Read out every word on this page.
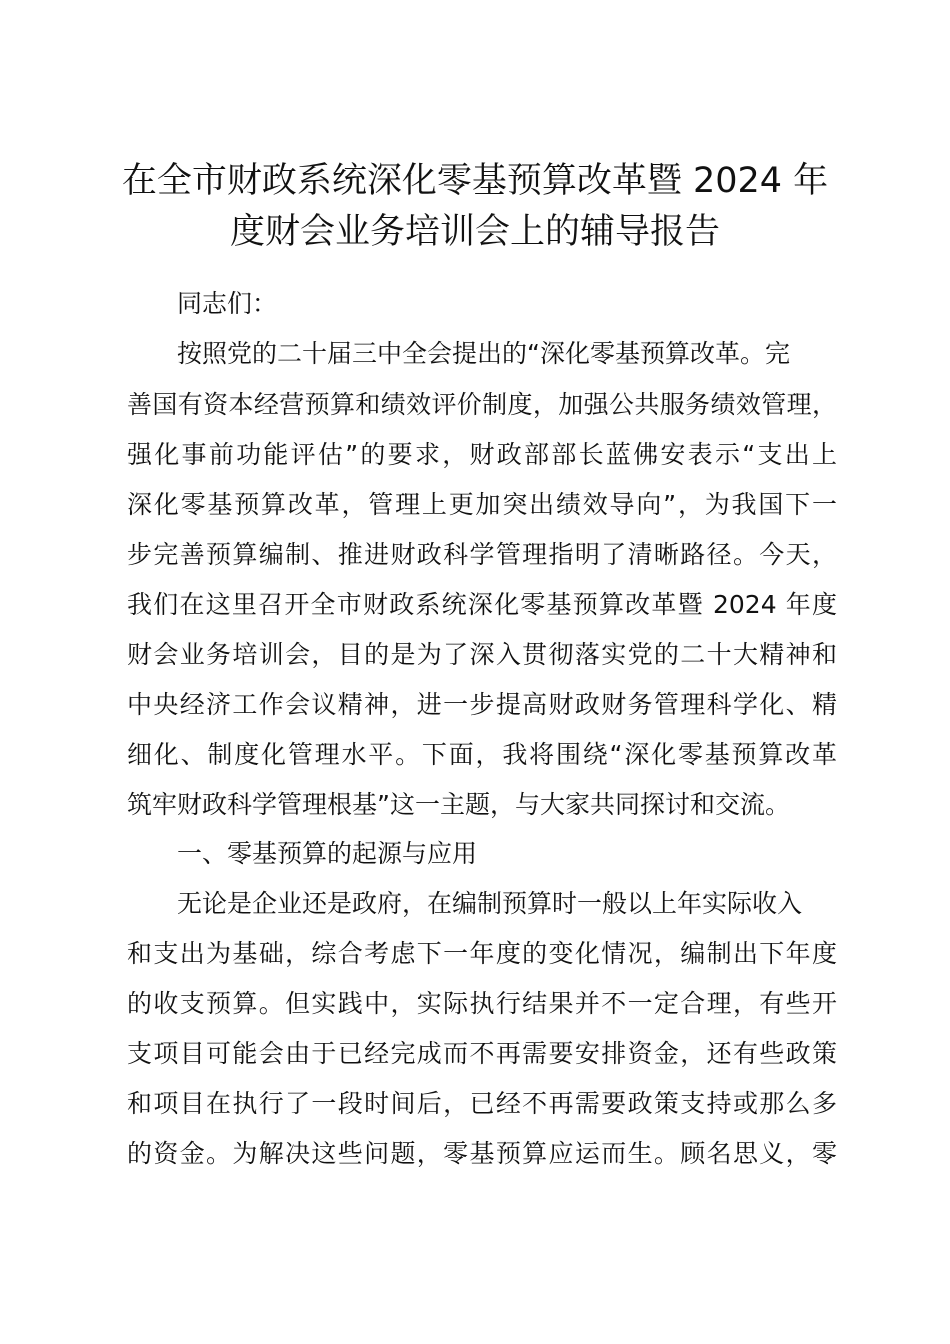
在全市财政系统深化零基预算改革暨 2024 年
度财会业务培训会上的辅导报告
同志们：
按照党的二十届三中全会提出的“深化零基预算改革。完
善国有资本经营预算和绩效评价制度，加强公共服务绩效管理，
强化事前功能评估”的要求，财政部部长蓝佛安表示“支出上
深化零基预算改革，管理上更加突出绩效导向”，为我国下一
步完善预算编制、推进财政科学管理指明了清晰路径。今天，
我们在这里召开全市财政系统深化零基预算改革暨 2024 年度
财会业务培训会，目的是为了深入贯彻落实党的二十大精神和
中央经济工作会议精神，进一步提高财政财务管理科学化、精
细化、制度化管理水平。下面，我将围绕“深化零基预算改革
筑牢财政科学管理根基”这一主题，与大家共同探讨和交流。
一、零基预算的起源与应用
无论是企业还是政府，在编制预算时一般以上年实际收入
和支出为基础，综合考虑下一年度的变化情况，编制出下年度
的收支预算。但实践中，实际执行结果并不一定合理，有些开
支项目可能会由于已经完成而不再需要安排资金，还有些政策
和项目在执行了一段时间后，已经不再需要政策支持或那么多
的资金。为解决这些问题，零基预算应运而生。顾名思义，零
